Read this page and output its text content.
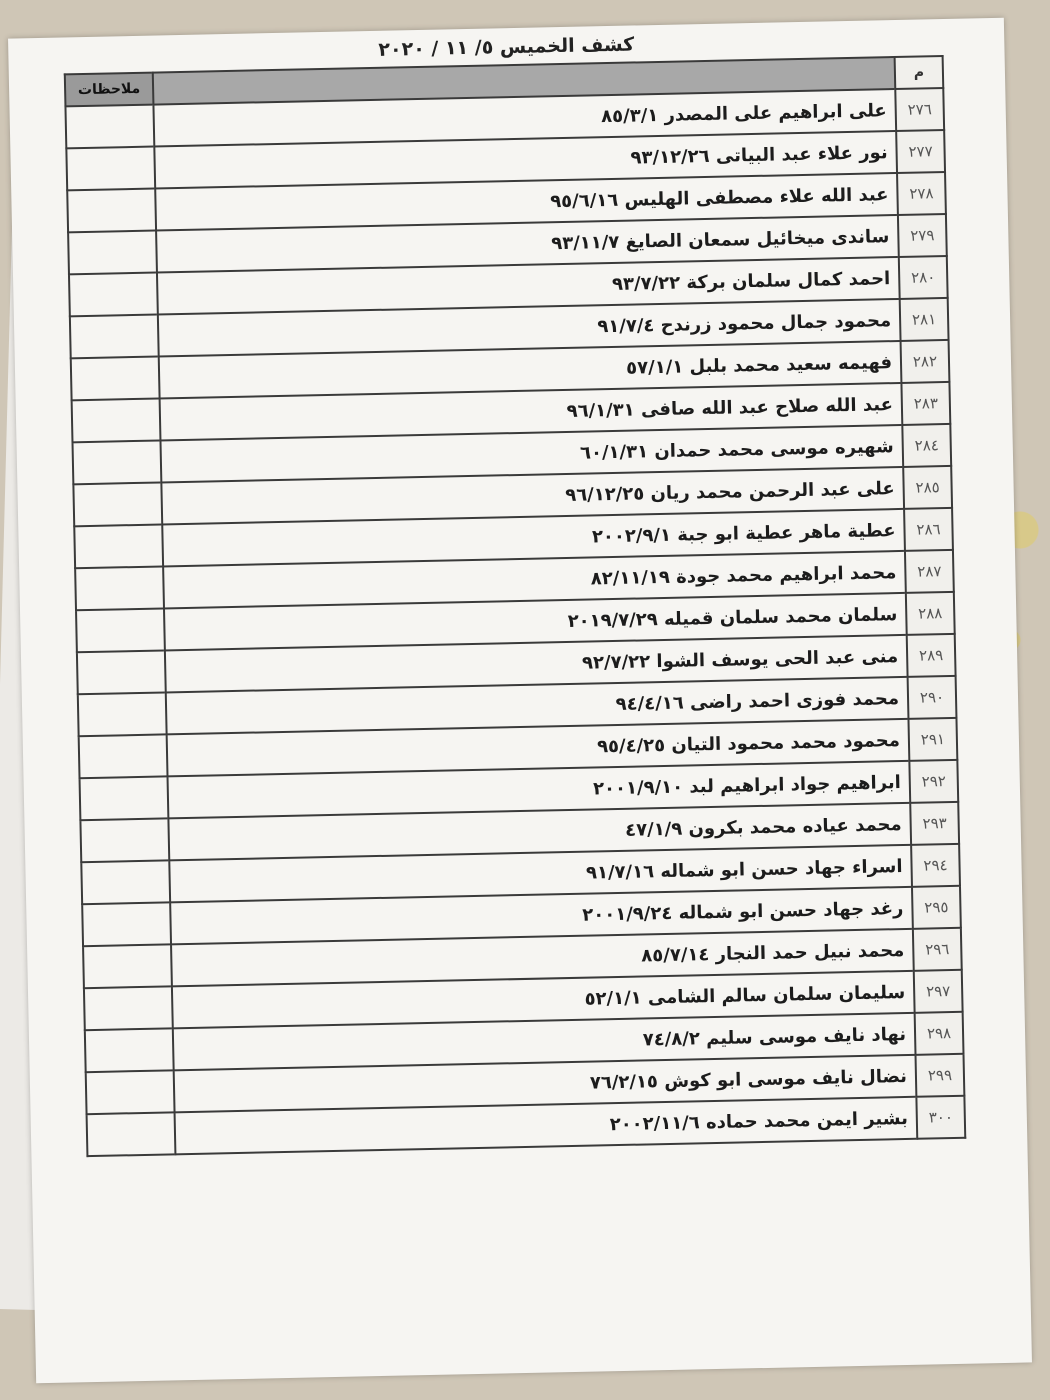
كشف الخميس ٥/ ١١ / ٢٠٢٠
م		ملاحظات
٢٧٦	على ابراهيم على المصدر ٨٥/٣/١	
٢٧٧	نور علاء عبد البياتى ٩٣/١٢/٢٦	
٢٧٨	عبد الله علاء مصطفى الهليس ٩٥/٦/١٦	
٢٧٩	ساندى ميخائيل سمعان الصايغ ٩٣/١١/٧	
٢٨٠	احمد كمال سلمان بركة ٩٣/٧/٢٢	
٢٨١	محمود جمال محمود زرندح ٩١/٧/٤	
٢٨٢	فهيمه سعيد محمد بلبل ٥٧/١/١	
٢٨٣	عبد الله صلاح عبد الله صافى ٩٦/١/٣١	
٢٨٤	شهيره موسى محمد حمدان ٦٠/١/٣١	
٢٨٥	على عبد الرحمن محمد ريان ٩٦/١٢/٢٥	
٢٨٦	عطية ماهر عطية ابو جبة ٢٠٠٢/٩/١	
٢٨٧	محمد ابراهيم محمد جودة ٨٢/١١/١٩	
٢٨٨	سلمان محمد سلمان قميله ٢٠١٩/٧/٢٩	
٢٨٩	منى عبد الحى يوسف الشوا ٩٢/٧/٢٢	
٢٩٠	محمد فوزى احمد راضى ٩٤/٤/١٦	
٢٩١	محمود محمد محمود التيان ٩٥/٤/٢٥	
٢٩٢	ابراهيم جواد ابراهيم لبد ٢٠٠١/٩/١٠	
٢٩٣	محمد عياده محمد بكرون ٤٧/١/٩	
٢٩٤	اسراء جهاد حسن ابو شماله ٩١/٧/١٦	
٢٩٥	رغد جهاد حسن ابو شماله ٢٠٠١/٩/٢٤	
٢٩٦	محمد نبيل حمد النجار ٨٥/٧/١٤	
٢٩٧	سليمان سلمان سالم الشامى ٥٢/١/١	
٢٩٨	نهاد نايف موسى سليم ٧٤/٨/٢	
٢٩٩	نضال نايف موسى ابو كوش ٧٦/٢/١٥	
٣٠٠	بشير ايمن محمد حماده ٢٠٠٢/١١/٦	
